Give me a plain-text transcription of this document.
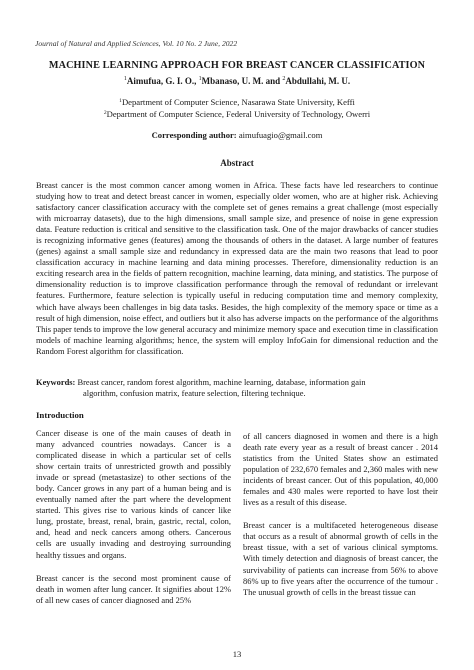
Journal of Natural and Applied Sciences, Vol. 10 No. 2 June, 2022
MACHINE LEARNING APPROACH FOR BREAST CANCER CLASSIFICATION
$^1$Aimufua, G. I. O., $^1$Mbanaso, U. M. and $^2$Abdullahi, M. U.
$^1$Department of Computer Science, Nasarawa State University, Keffi
$^2$Department of Computer Science, Federal University of Technology, Owerri
Corresponding author: aimufuagio@gmail.com
Abstract
Breast cancer is the most common cancer among women in Africa. These facts have led researchers to continue studying how to treat and detect breast cancer in women, especially older women, who are at higher risk. Achieving satisfactory cancer classification accuracy with the complete set of genes remains a great challenge (most especially with microarray datasets), due to the high dimensions, small sample size, and presence of noise in gene expression data. Feature reduction is critical and sensitive to the classification task. One of the major drawbacks of cancer studies is recognizing informative genes (features) among the thousands of others in the dataset. A large number of features (genes) against a small sample size and redundancy in expressed data are the main two reasons that lead to poor classification accuracy in machine learning and data mining processes. Therefore, dimensionality reduction is an exciting research area in the fields of pattern recognition, machine learning, data mining, and statistics. The purpose of dimensionality reduction is to improve classification performance through the removal of redundant or irrelevant features. Furthermore, feature selection is typically useful in reducing computation time and memory complexity, which have always been challenges in big data tasks. Besides, the high complexity of the memory space or time as a result of high dimension, noise effect, and outliers but it also has adverse impacts on the performance of the algorithms This paper tends to improve the low general accuracy and minimize memory space and execution time in classification models of machine learning algorithms; hence, the system will employ InfoGain for dimensional reduction and the Random Forest algorithm for classification.
Keywords: Breast cancer, random forest algorithm, machine learning, database, information gain
algorithm, confusion matrix, feature selection, filtering technique.
Introduction

Cancer disease is one of the main causes of death in many advanced countries nowadays. Cancer is a complicated disease in which a particular set of cells show certain traits of unrestricted growth and possibly invade or spread (metastasize) to other sections of the body. Cancer grows in any part of a human being and is eventually named after the part where the development started. This gives rise to various kinds of cancer like lung, prostate, breast, renal, brain, gastric, rectal, colon, and, head and neck cancers among others. Cancerous cells are usually invading and destroying surrounding healthy tissues and organs.

Breast cancer is the second most prominent cause of death in women after lung cancer. It signifies about 12% of all new cases of cancer diagnosed and 25%

of all cancers diagnosed in women and there is a high death rate every year as a result of breast cancer . 2014 statistics from the United States show an estimated population of 232,670 females and 2,360 males with new incidents of breast cancer. Out of this population, 40,000 females and 430 males were reported to have lost their lives as a result of this disease.

Breast cancer is a multifaceted heterogeneous disease that occurs as a result of abnormal growth of cells in the breast tissue, with a set of various clinical symptoms. With timely detection and diagnosis of breast cancer, the survivability of patients can increase from 56% to above 86% up to five years after the occurrence of the tumour . The unusual growth of cells in the breast tissue can

13
